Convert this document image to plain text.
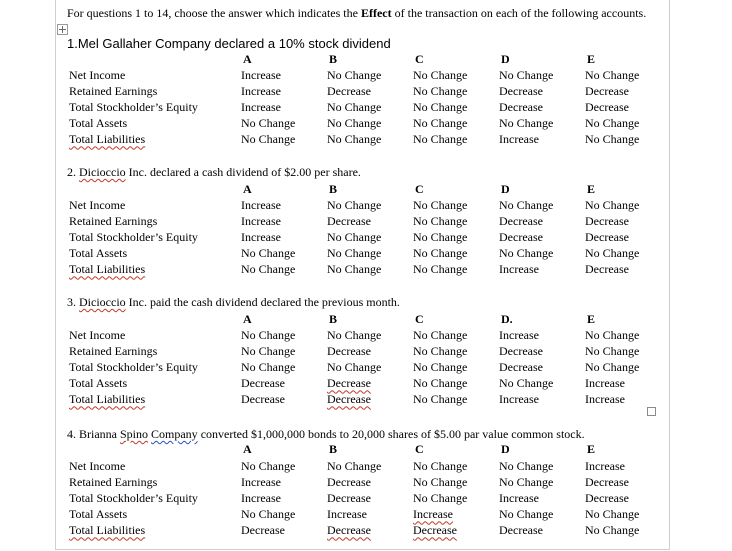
For questions 1 to 14, choose the answer which indicates the Effect of the transaction on each of the following accounts.
1.Mel Gallaher Company declared a 10% stock dividend
A	B	C	D	E
Net Income	Increase	No Change	No Change	No Change	No Change
Retained Earnings	Increase	Decrease	No Change	Decrease	Decrease
Total Stockholder’s Equity	Increase	No Change	No Change	Decrease	Decrease
Total Assets	No Change	No Change	No Change	No Change	No Change
Total Liabilities	No Change	No Change	No Change	Increase	No Change
2. Dicioccio Inc. declared a cash dividend of $2.00 per share.
A	B	C	D	E
Net Income	Increase	No Change	No Change	No Change	No Change
Retained Earnings	Increase	Decrease	No Change	Decrease	Decrease
Total Stockholder’s Equity	Increase	No Change	No Change	Decrease	Decrease
Total Assets	No Change	No Change	No Change	No Change	No Change
Total Liabilities	No Change	No Change	No Change	Increase	Decrease
3. Dicioccio Inc. paid the cash dividend declared the previous month.
A	B	C	D.	E
Net Income	No Change	No Change	No Change	Increase	No Change
Retained Earnings	No Change	Decrease	No Change	Decrease	No Change
Total Stockholder’s Equity	No Change	No Change	No Change	Decrease	No Change
Total Assets	Decrease	Decrease	No Change	No Change	Increase
Total Liabilities	Decrease	Decrease	No Change	Increase	Increase
4. Brianna Spino Company converted $1,000,000 bonds to 20,000 shares of $5.00 par value common stock.
A	B	C	D	E
Net Income	No Change	No Change	No Change	No Change	Increase
Retained Earnings	Increase	Decrease	No Change	No Change	Decrease
Total Stockholder’s Equity	Increase	Decrease	No Change	Increase	Decrease
Total Assets	No Change	Increase	Increase	No Change	No Change
Total Liabilities	Decrease	Decrease	Decrease	Decrease	No Change
